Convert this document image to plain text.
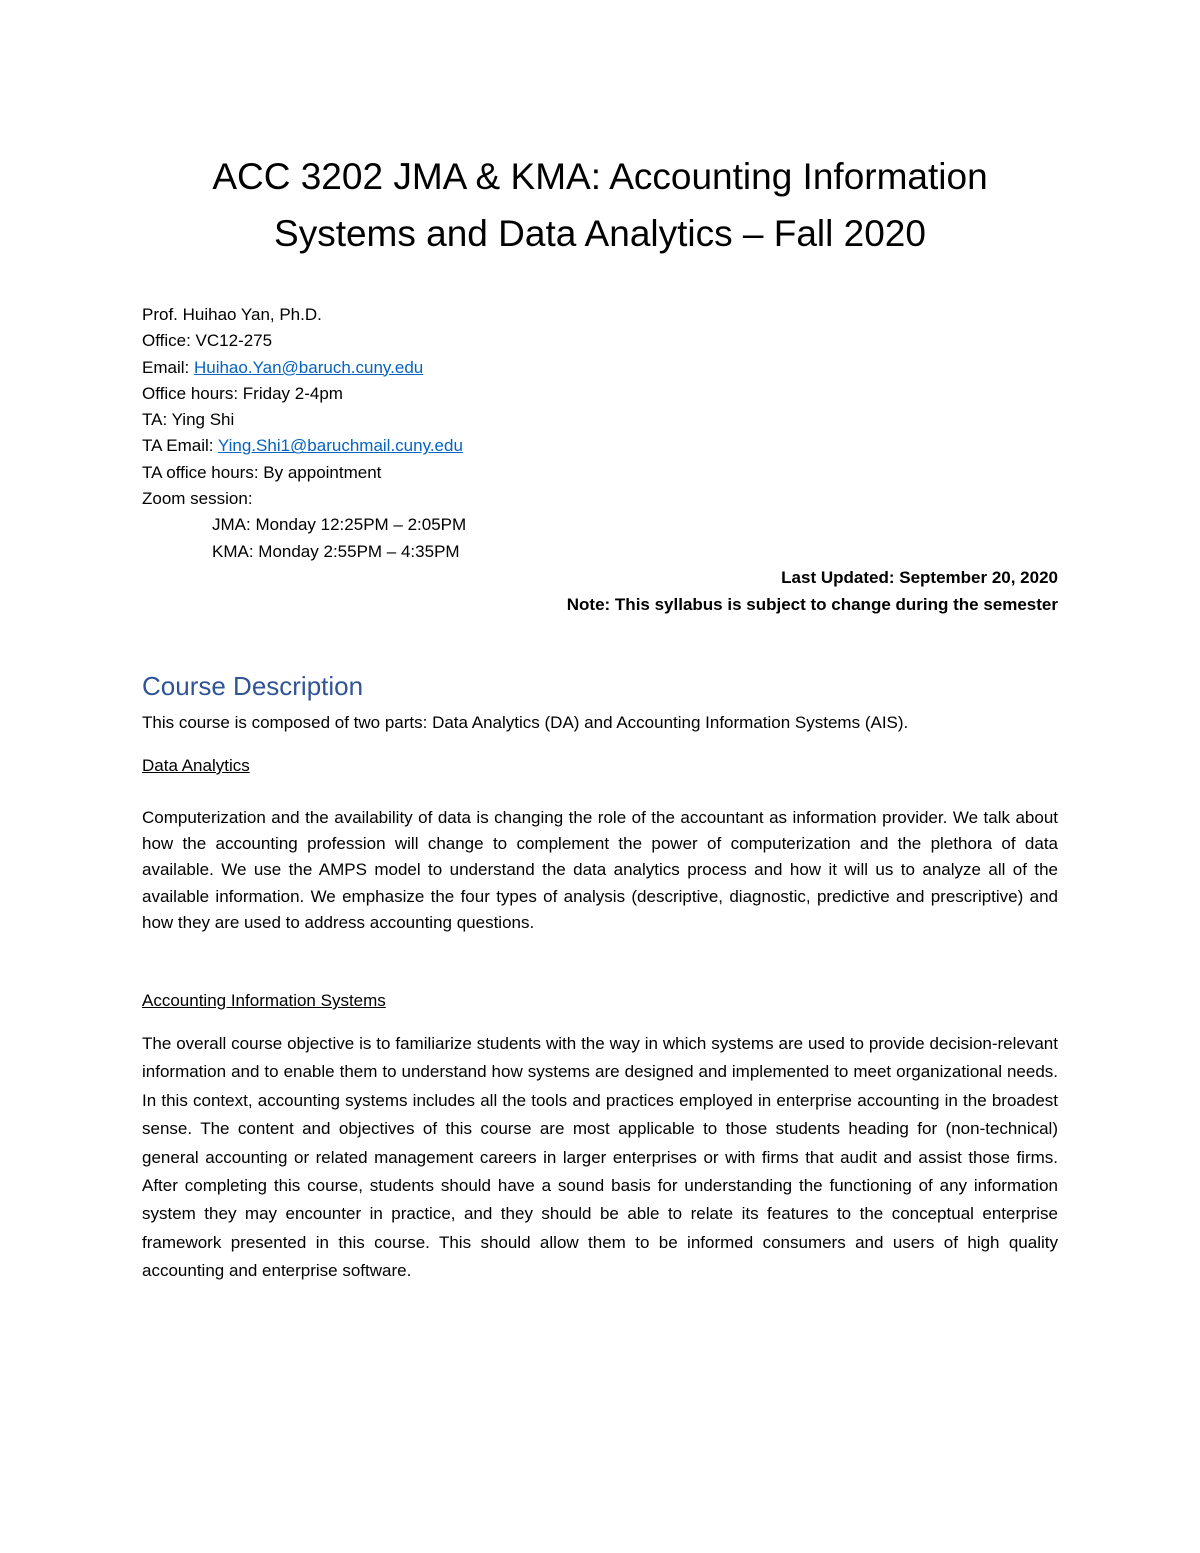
ACC 3202 JMA & KMA: Accounting Information
Systems and Data Analytics – Fall 2020
Prof. Huihao Yan, Ph.D.
Office: VC12-275
Email: Huihao.Yan@baruch.cuny.edu
Office hours: Friday 2-4pm
TA: Ying Shi
TA Email: Ying.Shi1@baruchmail.cuny.edu
TA office hours: By appointment
Zoom session:
JMA: Monday 12:25PM – 2:05PM
KMA: Monday 2:55PM – 4:35PM
Last Updated: September 20, 2020
Note: This syllabus is subject to change during the semester
Course Description

This course is composed of two parts: Data Analytics (DA) and Accounting Information Systems (AIS).

Data Analytics

Computerization and the availability of data is changing the role of the accountant as information provider. We talk about how the accounting profession will change to complement the power of computerization and the plethora of data available. We use the AMPS model to understand the data analytics process and how it will us to analyze all of the available information. We emphasize the four types of analysis (descriptive, diagnostic, predictive and prescriptive) and how they are used to address accounting questions.

Accounting Information Systems

The overall course objective is to familiarize students with the way in which systems are used to provide decision-relevant information and to enable them to understand how systems are designed and implemented to meet organizational needs. In this context, accounting systems includes all the tools and practices employed in enterprise accounting in the broadest sense. The content and objectives of this course are most applicable to those students heading for (non-technical) general accounting or related management careers in larger enterprises or with firms that audit and assist those firms. After completing this course, students should have a sound basis for understanding the functioning of any information system they may encounter in practice, and they should be able to relate its features to the conceptual enterprise framework presented in this course. This should allow them to be informed consumers and users of high quality accounting and enterprise software.
